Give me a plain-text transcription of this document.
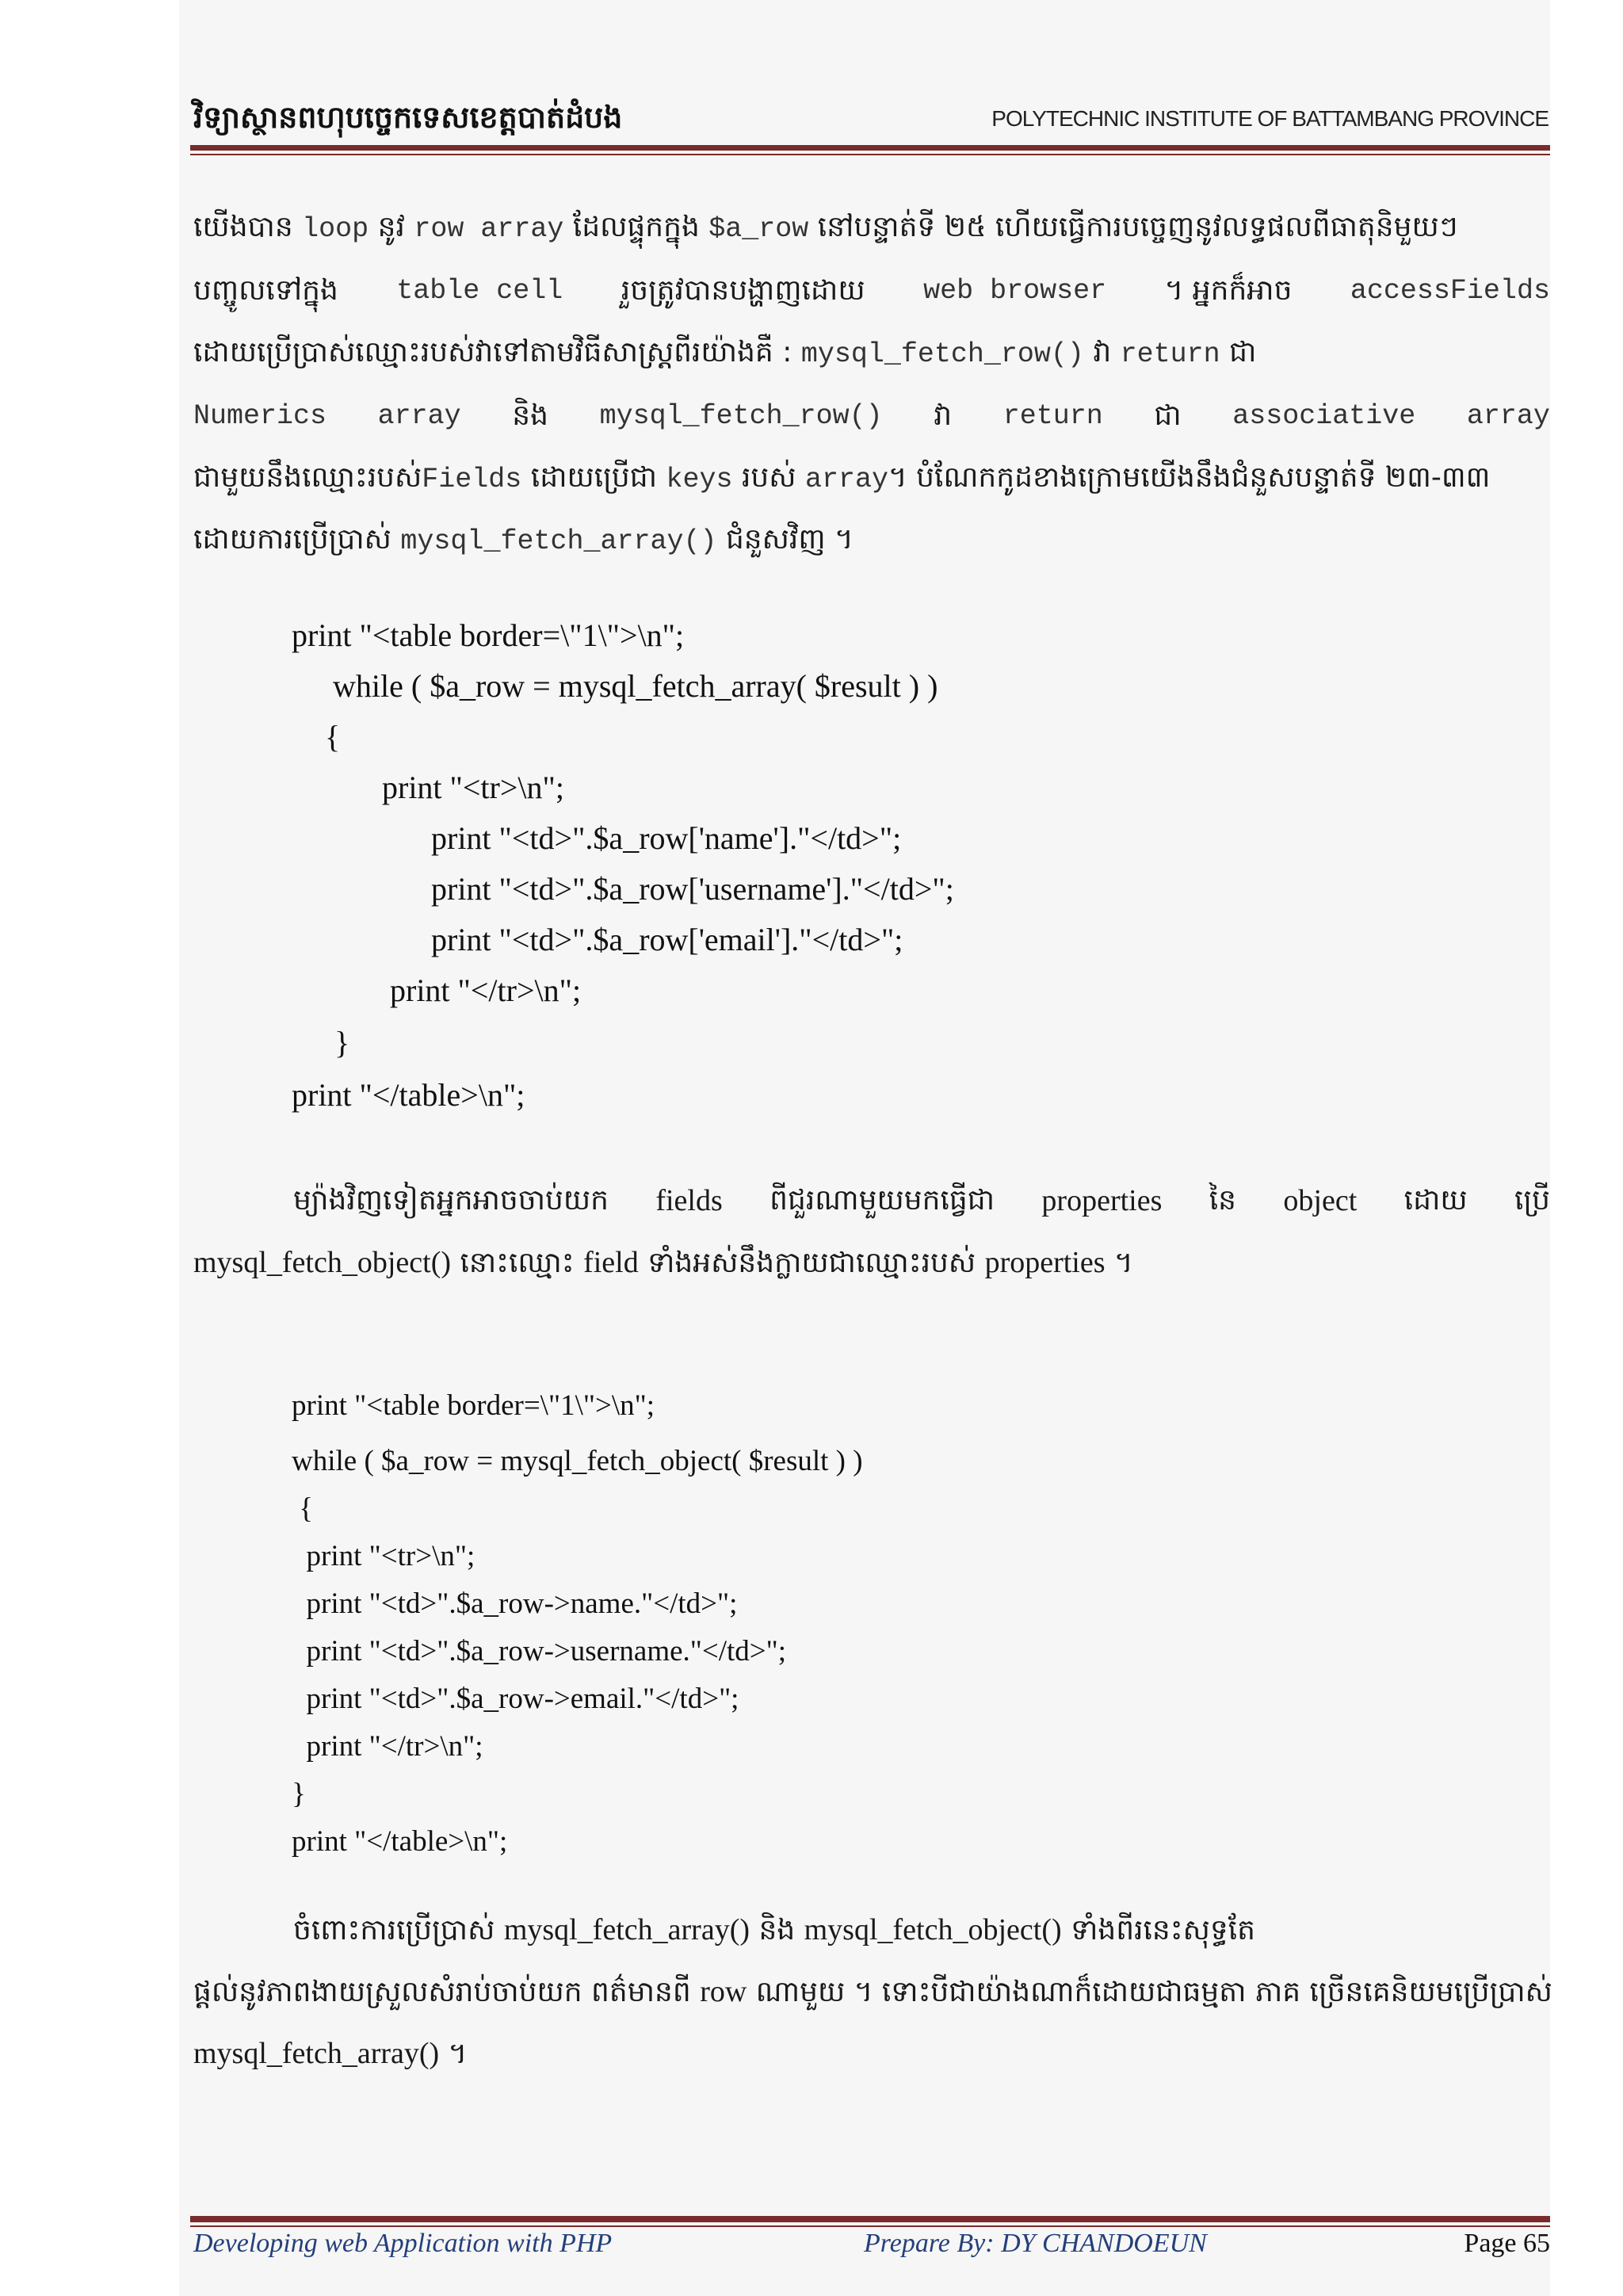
វិទ្យាស្ថានពហុបច្ចេកទេសខេត្តបាត់ដំបង	POLYTECHNIC INSTITUTE OF BATTAMBANG PROVINCE
យើងបាន loop នូវ row array ដែលផ្ទុកក្នុង $a_row នៅបន្ទាត់ទី ២៥ ហើយធ្វើការបច្ចេញនូវលទ្ធផលពីធាតុនិមួយៗ
បញ្ចូលទៅក្នុង table cell រួចត្រូវបានបង្ហាញដោយ web browser ។ អ្នកក៏អាច accessFields
ដោយប្រើប្រាស់ឈ្មោះរបស់វាទៅតាមវិធីសាស្ត្រពីរយ៉ាងគឺ : mysql_fetch_row() វា return ជា
Numerics array និង mysql_fetch_row() វា return ជា associative array
ជាមួយនឹងឈ្មោះរបស់Fields ដោយប្រើជា keys របស់ array។ បំណែកកូដខាងក្រោមយើងនឹងជំនួសបន្ទាត់ទី ២៣-៣៣
ដោយការប្រើប្រាស់ mysql_fetch_array() ជំនួសវិញ ។
print "<table border=\"1\">\n";
while ( $a_row = mysql_fetch_array( $result ) )
{
print "<tr>\n";
print "<td>".$a_row['name']."</td>";
print "<td>".$a_row['username']."</td>";
print "<td>".$a_row['email']."</td>";
print "</tr>\n";
}
print "</table>\n";
ម្យ៉ាងវិញទៀតអ្នកអាចចាប់យក fields ពីជួរណាមួយមកធ្វើជា properties នៃ object ដោយ ប្រើ
mysql_fetch_object() នោះឈ្មោះ field ទាំងអស់នឹងក្លាយជាឈ្មោះរបស់ properties ។
print "<table border=\"1\">\n";
while ( $a_row = mysql_fetch_object( $result ) )
{
print "<tr>\n";
print "<td>".$a_row->name."</td>";
print "<td>".$a_row->username."</td>";
print "<td>".$a_row->email."</td>";
print "</tr>\n";
}
print "</table>\n";
ចំពោះការប្រើប្រាស់ mysql_fetch_array() និង mysql_fetch_object() ទាំងពីរនេះសុទ្ធតែ
ផ្តល់នូវភាពងាយស្រួលសំរាប់ចាប់យក ពត៌មានពី row ណាមួយ ។ ទោះបីជាយ៉ាងណាក៏ដោយជាធម្មតា ភាគ ច្រើនគេនិយមប្រើប្រាស់
mysql_fetch_array() ។
Developing web Application with PHP	Prepare By: DY CHANDOEUN	Page 65
